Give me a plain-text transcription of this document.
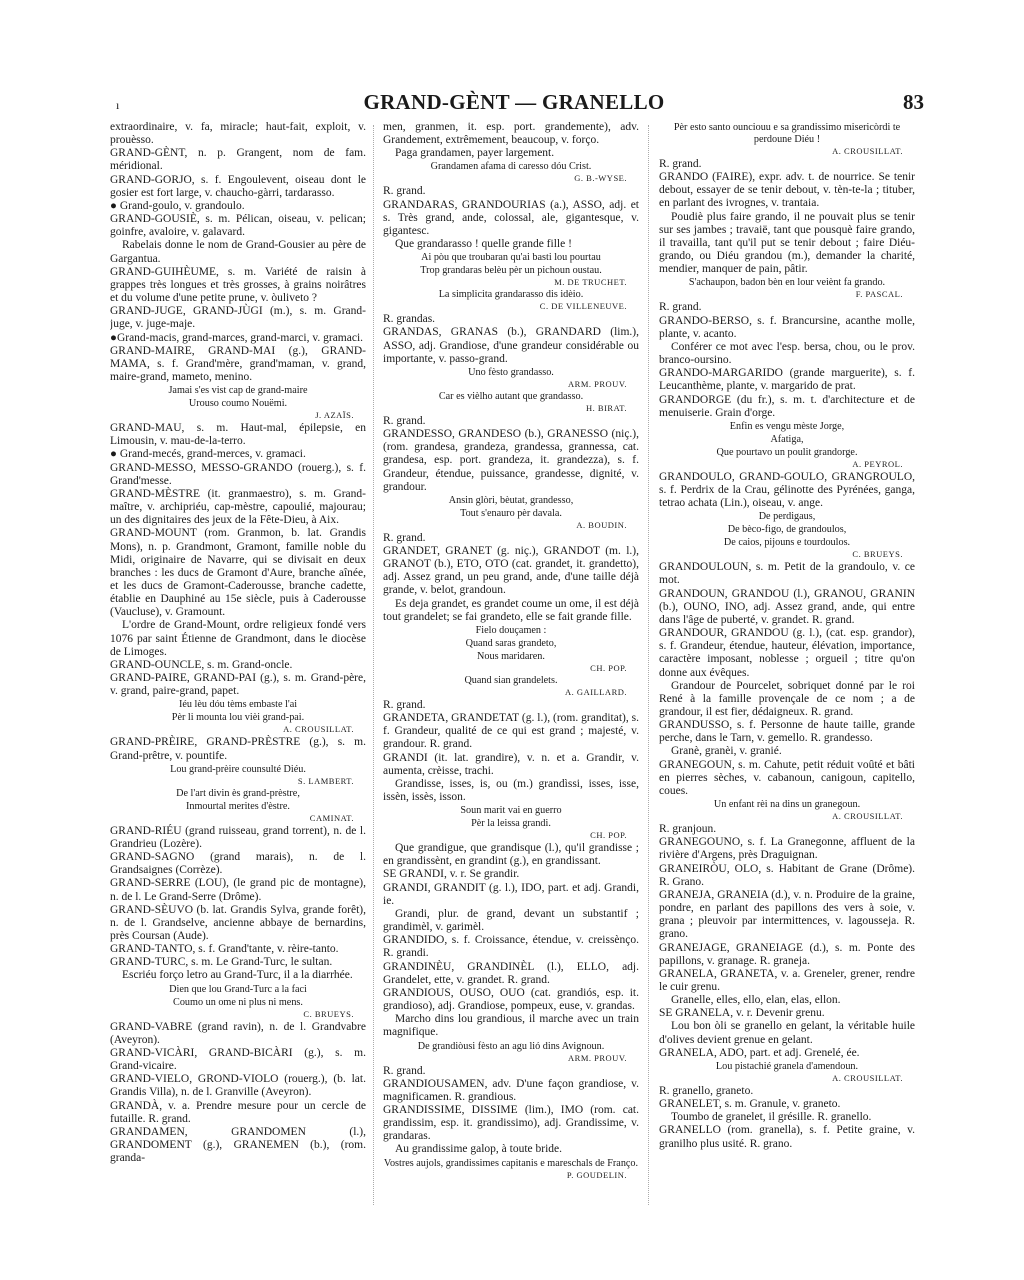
ı	GRAND-GÈNT — GRANELLO	83

extraordinaire, v. fa, miracle; haut-fait, exploit, v. prouèsso.

GRAND-GÈNT, n. p. Grangent, nom de fam. méridional.

GRAND-GORJO, s. f. Engoulevent, oiseau dont le gosier est fort large, v. chaucho-gàrri, tardarasso.

● Grand-goulo, v. grandoulo.

GRAND-GOUSIÈ, s. m. Pélican, oiseau, v. pelican; goinfre, avaloire, v. galavard.

Rabelais donne le nom de Grand-Gousier au père de Gargantua.

GRAND-GUIHÈUME, s. m. Variété de raisin à grappes très longues et très grosses, à grains noirâtres et du volume d'une petite prune, v. òuliveto ?

GRAND-JUGE, GRAND-JÙGI (m.), s. m. Grand-juge, v. juge-maje.

●Grand-macis, grand-marces, grand-marci, v. gramaci.

GRAND-MAIRE, GRAND-MAI (g.), GRAND-MAMA, s. f. Grand'mère, grand'maman, v. grand, maire-grand, mameto, menino.

Jamai s'es vist cap de grand-maire

Urouso coumo Nouëmi.

J. AZAÏS.

GRAND-MAU, s. m. Haut-mal, épilepsie, en Limousin, v. mau-de-la-terro.

● Grand-mecés, grand-merces, v. gramaci.

GRAND-MESSO, MESSO-GRANDO (rouerg.), s. f. Grand'messe.

GRAND-MÈSTRE (it. granmaestro), s. m. Grand-maître, v. archipriéu, cap-mèstre, capoulié, majourau; un des dignitaires des jeux de la Fête-Dieu, à Aix.

GRAND-MOUNT (rom. Granmon, b. lat. Grandis Mons), n. p. Grandmont, Gramont, famille noble du Midi, originaire de Navarre, qui se divisait en deux branches : les ducs de Gramont d'Aure, branche aînée, et les ducs de Gramont-Caderousse, branche cadette, établie en Dauphiné au 15e siècle, puis à Caderousse (Vaucluse), v. Gramount.

L'ordre de Grand-Mount, ordre religieux fondé vers 1076 par saint Étienne de Grandmont, dans le diocèse de Limoges.

GRAND-OUNCLE, s. m. Grand-oncle.

GRAND-PAIRE, GRAND-PAI (g.), s. m. Grand-père, v. grand, paire-grand, papet.

Iéu lèu dóu tèms embaste l'ai

Pèr li mounta lou vièi grand-pai.

A. CROUSILLAT.

GRAND-PRÈIRE, GRAND-PRÈSTRE (g.), s. m. Grand-prêtre, v. pountife.

Lou grand-prèire counsulté Diéu.

S. LAMBERT.

De l'art divin ès grand-prèstre,

Inmourtal merites d'èstre.

CAMINAT.

GRAND-RIÉU (grand ruisseau, grand torrent), n. de l. Grandrieu (Lozère).

GRAND-SAGNO (grand marais), n. de l. Grandsaignes (Corrèze).

GRAND-SERRE (LOU), (le grand pic de montagne), n. de l. Le Grand-Serre (Drôme).

GRAND-SÈUVO (b. lat. Grandis Sylva, grande forêt), n. de l. Grandselve, ancienne abbaye de bernardins, près Coursan (Aude).

GRAND-TANTO, s. f. Grand'tante, v. rèire-tanto.

GRAND-TURC, s. m. Le Grand-Turc, le sultan.

Escriéu forço letro au Grand-Turc, il a la diarrhée.

Dien que lou Grand-Turc a la faci

Coumo un ome ni plus ni mens.

C. BRUEYS.

GRAND-VABRE (grand ravin), n. de l. Grandvabre (Aveyron).

GRAND-VICÀRI, GRAND-BICÀRI (g.), s. m. Grand-vicaire.

GRAND-VIELO, GROND-VIOLO (rouerg.), (b. lat. Grandis Villa), n. de l. Granville (Aveyron).

GRANDÀ, v. a. Prendre mesure pour un cercle de futaille. R. grand.

GRANDAMEN, GRANDOMEN (l.), GRANDOMENT (g.), GRANEMEN (b.), (rom. granda-

men, granmen, it. esp. port. grandemente), adv. Grandement, extrêmement, beaucoup, v. forço.

Paga grandamen, payer largement.

Grandamen afama di caresso dóu Crist.

G. B.-WYSE.

R. grand.

GRANDARAS, GRANDOURIAS (a.), ASSO, adj. et s. Très grand, ande, colossal, ale, gigantesque, v. gigantesc.

Que grandarasso ! quelle grande fille !

Ai pòu que troubaran qu'ai basti lou pourtau

Trop grandaras belèu pèr un pichoun oustau.

M. DE TRUCHET.

La simplicita grandarasso dis idèio.

C. DE VILLENEUVE.

R. grandas.

GRANDAS, GRANAS (b.), GRANDARD (lim.), ASSO, adj. Grandiose, d'une grandeur considérable ou importante, v. passo-grand.

Uno fèsto grandasso.

ARM. PROUV.

Car es vièlho autant que grandasso.

H. BIRAT.

R. grand.

GRANDESSO, GRANDESO (b.), GRANESSO (niç.), (rom. grandesa, grandeza, grandessa, grannessa, cat. grandesa, esp. port. grandeza, it. grandezza), s. f. Grandeur, étendue, puissance, grandesse, dignité, v. grandour.

Ansin glòri, bèutat, grandesso,

Tout s'enauro pèr davala.

A. BOUDIN.

R. grand.

GRANDET, GRANET (g. niç.), GRANDOT (m. l.), GRANOT (b.), ETO, OTO (cat. grandet, it. grandetto), adj. Assez grand, un peu grand, ande, d'une taille déjà grande, v. belot, grandoun.

Es deja grandet, es grandet coume un ome, il est déjà tout grandelet; se fai grandeto, elle se fait grande fille.

Fielo douçamen :

Quand saras grandeto,

Nous maridaren.

CH. POP.

Quand sian grandelets.

A. GAILLARD.

R. grand.

GRANDETA, GRANDETAT (g. l.), (rom. granditat), s. f. Grandeur, qualité de ce qui est grand ; majesté, v. grandour. R. grand.

GRANDI (it. lat. grandire), v. n. et a. Grandir, v. aumenta, crèisse, trachi.

Grandisse, isses, is, ou (m.) grandìssi, isses, isse, issèn, issès, isson.

Soun marit vai en guerro

Pèr la leissa grandi.

CH. POP.

Que grandigue, que grandisque (l.), qu'il grandisse ; en grandissènt, en grandint (g.), en grandissant.

SE GRANDI, v. r. Se grandir.

GRANDI, GRANDIT (g. l.), IDO, part. et adj. Grandi, ie.

Grandi, plur. de grand, devant un substantif ; grandimèl, v. garimèl.

GRANDIDO, s. f. Croissance, étendue, v. creissènço. R. grandi.

GRANDINÈU, GRANDINÈL (l.), ELLO, adj. Grandelet, ette, v. grandet. R. grand.

GRANDIOUS, OUSO, OUO (cat. grandiós, esp. it. grandioso), adj. Grandiose, pompeux, euse, v. grandas.

Marcho dins lou grandious, il marche avec un train magnifique.

De grandiòusi fèsto an agu lió dins Avignoun.

ARM. PROUV.

R. grand.

GRANDIOUSAMEN, adv. D'une façon grandiose, v. magnificamen. R. grandious.

GRANDISSIME, DISSIME (lim.), IMO (rom. cat. grandissim, esp. it. grandissimo), adj. Grandissime, v. grandaras.

Au grandissime galop, à toute bride.

Vostres aujols, grandissimes capitanis e mareschals de Franço.

P. GOUDELIN.

Pèr esto santo ounciouu e sa grandissimo misericòrdi te perdoune Diéu !

A. CROUSILLAT.

R. grand.

GRANDO (FAIRE), expr. adv. t. de nourrice. Se tenir debout, essayer de se tenir debout, v. tèn-te-la ; tituber, en parlant des ivrognes, v. trantaia.

Poudiè plus faire grando, il ne pouvait plus se tenir sur ses jambes ; travaië, tant que pousquè faire grando, il travailla, tant qu'il put se tenir debout ; faire Diéu-grando, ou Diéu grandou (m.), demander la charité, mendier, manquer de pain, pâtir.

S'achaupon, badon bèn en lour veiènt fa grando.

F. PASCAL.

R. grand.

GRANDO-BERSO, s. f. Brancursine, acanthe molle, plante, v. acanto.

Conférer ce mot avec l'esp. bersa, chou, ou le prov. branco-oursino.

GRANDO-MARGARIDO (grande marguerite), s. f. Leucanthème, plante, v. margarido de prat.

GRANDORGE (du fr.), s. m. t. d'architecture et de menuiserie. Grain d'orge.

Enfin es vengu mèste Jorge,

Afatiga,

Que pourtavo un poulit grandorge.

A. PEYROL.

GRANDOULO, GRAND-GOULO, GRANGROULO, s. f. Perdrix de la Crau, gélinotte des Pyrénées, ganga, tetrao achata (Lin.), oiseau, v. ange.

De perdigaus,

De bèco-figo, de grandoulos,

De caios, pijouns e tourdoulos.

C. BRUEYS.

GRANDOULOUN, s. m. Petit de la grandoulo, v. ce mot.

GRANDOUN, GRANDOU (l.), GRANOU, GRANIN (b.), OUNO, INO, adj. Assez grand, ande, qui entre dans l'âge de puberté, v. grandet. R. grand.

GRANDOUR, GRANDOU (g. l.), (cat. esp. grandor), s. f. Grandeur, étendue, hauteur, élévation, importance, caractère imposant, noblesse ; orgueil ; titre qu'on donne aux évêques.

Grandour de Pourcelet, sobriquet donné par le roi René à la famille provençale de ce nom ; a de grandour, il est fier, dédaigneux. R. grand.

GRANDUSSO, s. f. Personne de haute taille, grande perche, dans le Tarn, v. gemello. R. grandesso.

Granè, granèi, v. granié.

GRANEGOUN, s. m. Cahute, petit réduit voûté et bâti en pierres sèches, v. cabanoun, canigoun, capitello, coues.

Un enfant rèi na dins un granegoun.

A. CROUSILLAT.

R. granjoun.

GRANEGOUNO, s. f. La Granegonne, affluent de la rivière d'Argens, près Draguignan.

GRANEIRÒU, OLO, s. Habitant de Grane (Drôme). R. Grano.

GRANEJA, GRANEIA (d.), v. n. Produire de la graine, pondre, en parlant des papillons des vers à soie, v. grana ; pleuvoir par intermittences, v. lagousseja. R. grano.

GRANEJAGE, GRANEIAGE (d.), s. m. Ponte des papillons, v. granage. R. graneja.

GRANELA, GRANETA, v. a. Greneler, grener, rendre le cuir grenu.

Granelle, elles, ello, elan, elas, ellon.

SE GRANELA, v. r. Devenir grenu.

Lou bon òli se granello en gelant, la véritable huile d'olives devient grenue en gelant.

GRANELA, ADO, part. et adj. Grenelé, ée.

Lou pistachié granela d'amendoun.

A. CROUSILLAT.

R. granello, graneto.

GRANELET, s. m. Granule, v. graneto.

Toumbo de granelet, il grésille. R. granello.

GRANELLO (rom. granella), s. f. Petite graine, v. granilho plus usité. R. grano.
